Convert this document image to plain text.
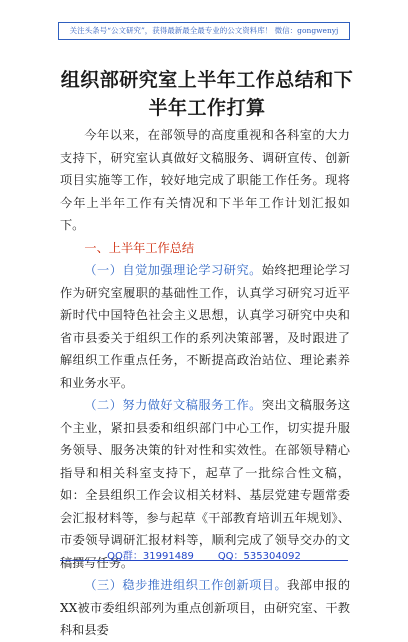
关注头条号“公文研究”，获得最新最全最专业的公文资料库！ 微信：gongwenyj
组织部研究室上半年工作总结和下半年工作打算

今年以来，在部领导的高度重视和各科室的大力支持下，研究室认真做好文稿服务、调研宣传、创新项目实施等工作，较好地完成了职能工作任务。现将今年上半年工作有关情况和下半年工作计划汇报如下。

一、上半年工作总结

（一）自觉加强理论学习研究。始终把理论学习作为研究室履职的基础性工作，认真学习研究习近平新时代中国特色社会主义思想，认真学习研究中央和省市县委关于组织工作的系列决策部署，及时跟进了解组织工作重点任务，不断提高政治站位、理论素养和业务水平。

（二）努力做好文稿服务工作。突出文稿服务这个主业，紧扣县委和组织部门中心工作，切实提升服务领导、服务决策的针对性和实效性。在部领导精心指导和相关科室支持下，起草了一批综合性文稿，如：全县组织工作会议相关材料、基层党建专题常委会汇报材料等，参与起草《干部教育培训五年规划》、市委领导调研汇报材料等，顺利完成了领导交办的文稿撰写任务。

（三）稳步推进组织工作创新项目。我部申报的XX被市委组织部列为重点创新项目，由研究室、干教科和县委

QQ群：31991489 QQ：535304092
